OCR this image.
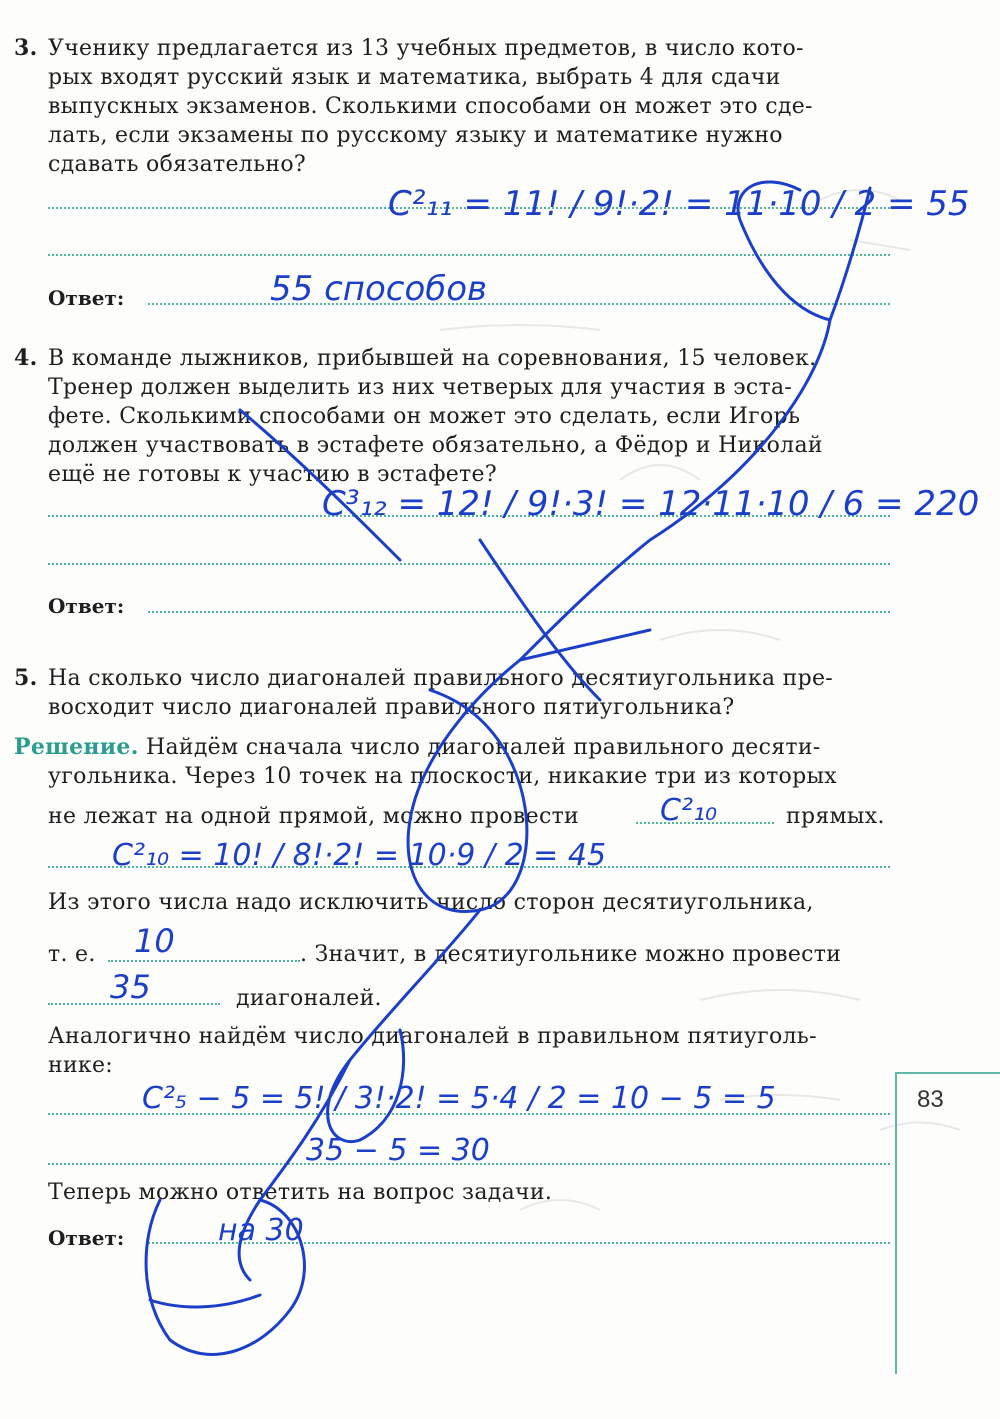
3. Ученику предлагается из 13 учебных предметов, в число кото-
рых входят русский язык и математика, выбрать 4 для сдачи
выпускных экзаменов. Сколькими способами он может это сде-
лать, если экзамены по русскому языку и математике нужно
сдавать обязательно?
Ответ:
4. В команде лыжников, прибывшей на соревнования, 15 человек.
Тренер должен выделить из них четверых для участия в эста-
фете. Сколькими способами он может это сделать, если Игорь
должен участвовать в эстафете обязательно, а Фёдор и Николай
ещё не готовы к участию в эстафете?
Ответ:
5. На сколько число диагоналей правильного десятиугольника пре-
восходит число диагоналей правильного пятиугольника?
Решение. Найдём сначала число диагоналей правильного десяти-
угольника. Через 10 точек на плоскости, никакие три из которых
не лежат на одной прямой, можно провести	прямых.
Из этого числа надо исключить число сторон десятиугольника,
т. е.	. Значит, в десятиугольнике можно провести
диагоналей.
Аналогично найдём число диагоналей в правильном пятиуголь-
нике:
Теперь можно ответить на вопрос задачи.
Ответ:
83
C²₁₁ = 11! / 9!·2! = 11·10 / 2 = 55
55 способов
C³₁₂ = 12! / 9!·3! = 12·11·10 / 6 = 220
C²₁₀
C²₁₀ = 10! / 8!·2! = 10·9 / 2 = 45
10
35
C²₅ − 5 = 5! / 3!·2! = 5·4 / 2 = 10 − 5 = 5
35 − 5 = 30
на 30
